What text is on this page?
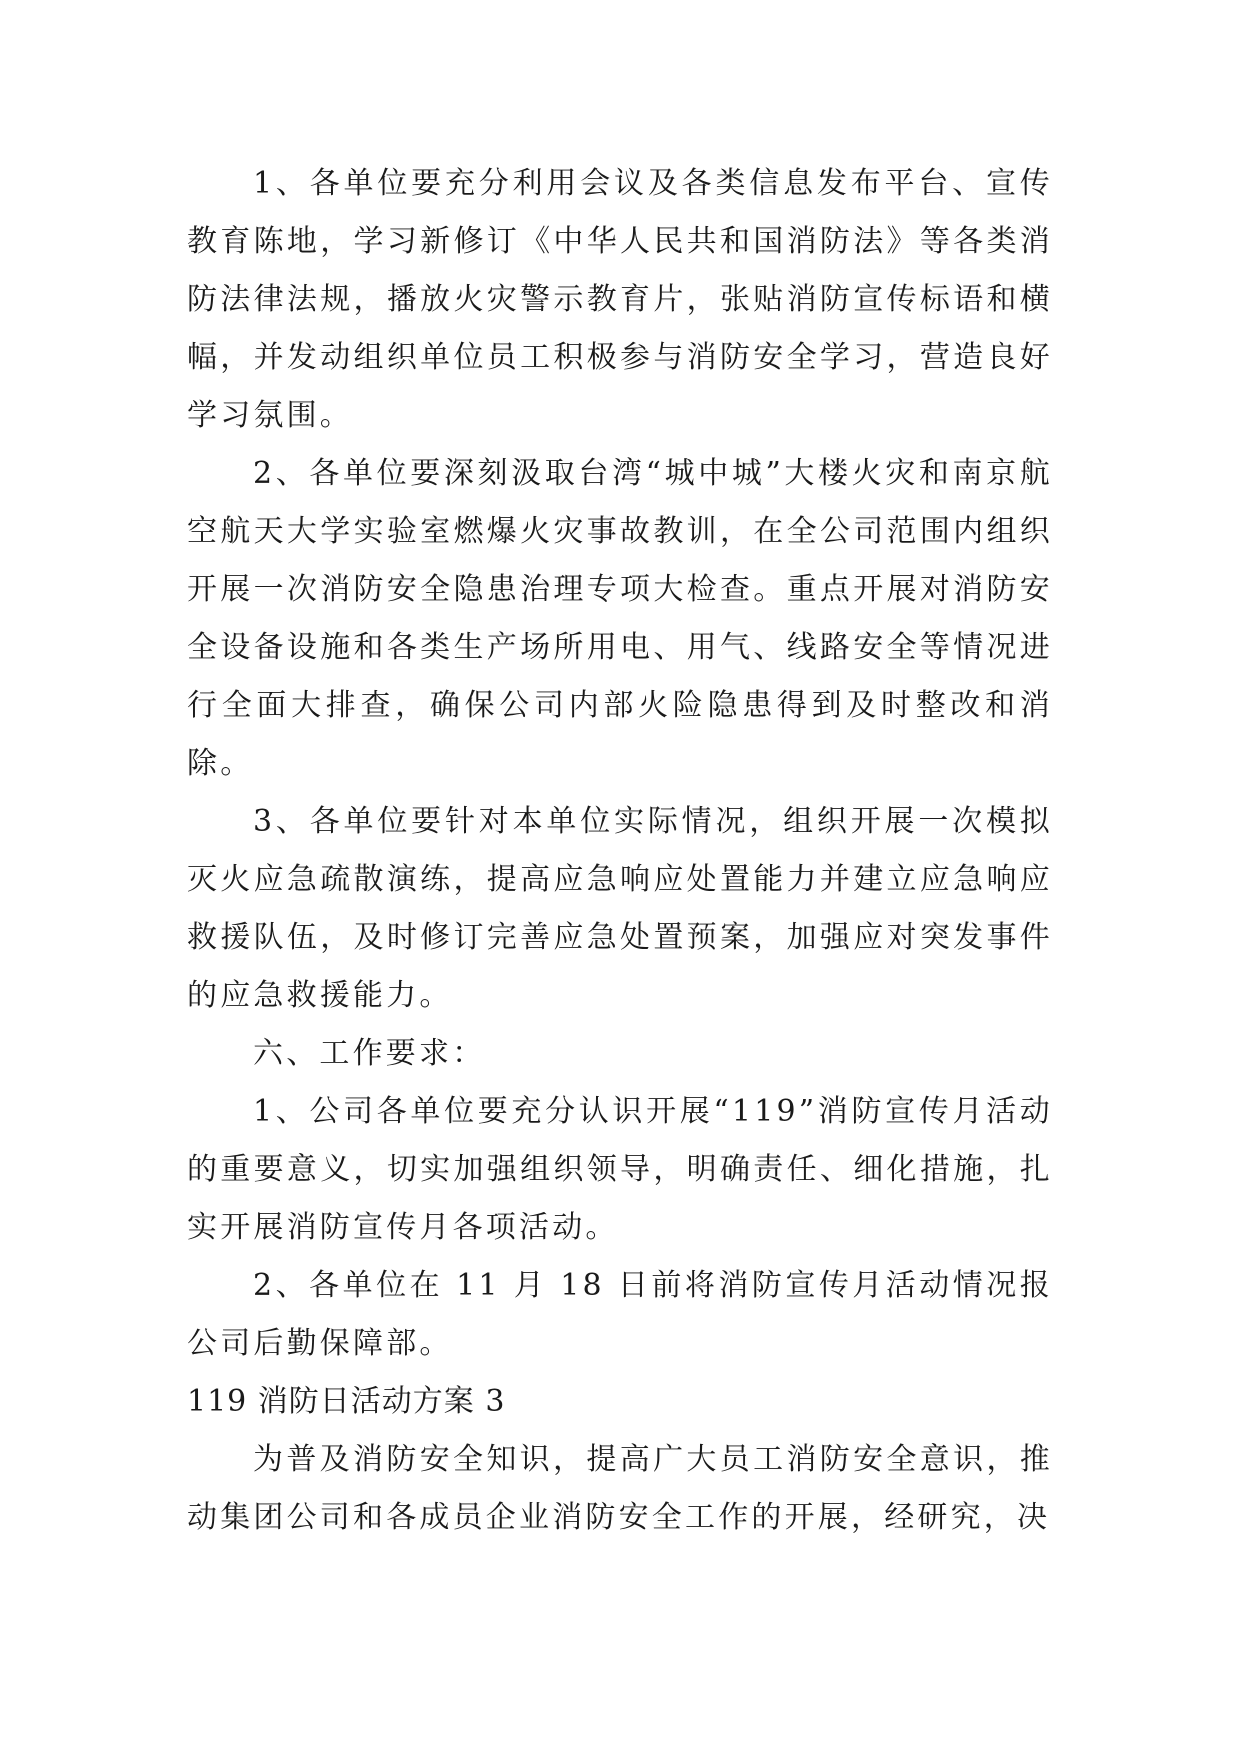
1、各单位要充分利用会议及各类信息发布平台、宣传教育陈地，学习新修订《中华人民共和国消防法》等各类消防法律法规，播放火灾警示教育片，张贴消防宣传标语和横幅，并发动组织单位员工积极参与消防安全学习，营造良好学习氛围。

2、各单位要深刻汲取台湾“城中城”大楼火灾和南京航空航天大学实验室燃爆火灾事故教训，在全公司范围内组织开展一次消防安全隐患治理专项大检查。重点开展对消防安全设备设施和各类生产场所用电、用气、线路安全等情况进行全面大排查，确保公司内部火险隐患得到及时整改和消除。

3、各单位要针对本单位实际情况，组织开展一次模拟灭火应急疏散演练，提高应急响应处置能力并建立应急响应救援队伍，及时修订完善应急处置预案，加强应对突发事件的应急救援能力。

六、工作要求：

1、公司各单位要充分认识开展“119”消防宣传月活动的重要意义，切实加强组织领导，明确责任、细化措施，扎实开展消防宣传月各项活动。

2、各单位在 11 月 18 日前将消防宣传月活动情况报公司后勤保障部。

119 消防日活动方案 3

为普及消防安全知识，提高广大员工消防安全意识，推动集团公司和各成员企业消防安全工作的开展，经研究，决
